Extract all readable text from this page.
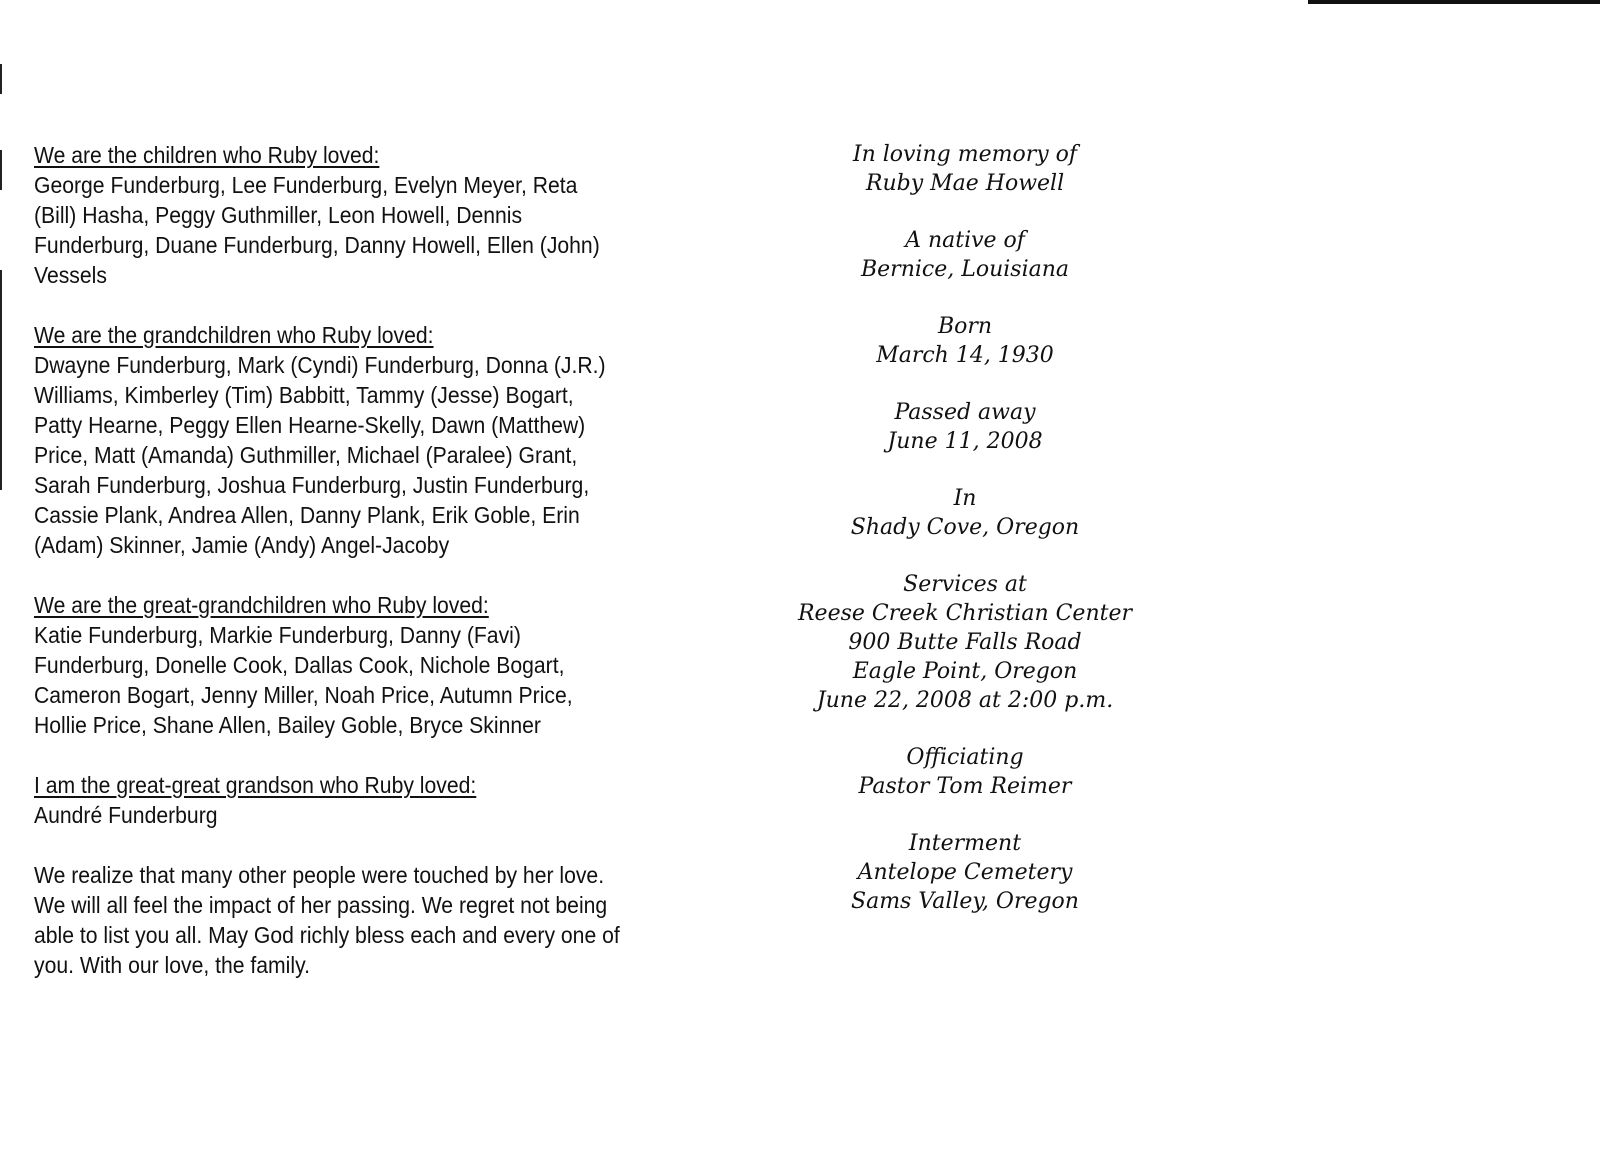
We are the children who Ruby loved:
George Funderburg, Lee Funderburg, Evelyn Meyer, Reta (Bill) Hasha, Peggy Guthmiller, Leon Howell, Dennis Funderburg, Duane Funderburg, Danny Howell, Ellen (John) Vessels
We are the grandchildren who Ruby loved:
Dwayne Funderburg, Mark (Cyndi) Funderburg, Donna (J.R.) Williams, Kimberley (Tim) Babbitt, Tammy (Jesse) Bogart, Patty Hearne, Peggy Ellen Hearne-Skelly, Dawn (Matthew) Price, Matt (Amanda) Guthmiller, Michael (Paralee) Grant, Sarah Funderburg, Joshua Funderburg, Justin Funderburg, Cassie Plank, Andrea Allen, Danny Plank, Erik Goble, Erin (Adam) Skinner, Jamie (Andy) Angel-Jacoby
We are the great-grandchildren who Ruby loved:
Katie Funderburg, Markie Funderburg, Danny (Favi) Funderburg, Donelle Cook, Dallas Cook, Nichole Bogart, Cameron Bogart, Jenny Miller, Noah Price, Autumn Price, Hollie Price, Shane Allen, Bailey Goble, Bryce Skinner
I am the great-great grandson who Ruby loved:
Aundré Funderburg
We realize that many other people were touched by her love. We will all feel the impact of her passing. We regret not being able to list you all. May God richly bless each and every one of you. With our love, the family.
In loving memory of
Ruby Mae Howell
A native of
Bernice, Louisiana
Born
March 14, 1930
Passed away
June 11, 2008
In
Shady Cove, Oregon
Services at
Reese Creek Christian Center
900 Butte Falls Road
Eagle Point, Oregon
June 22, 2008 at 2:00 p.m.
Officiating
Pastor Tom Reimer
Interment
Antelope Cemetery
Sams Valley, Oregon
